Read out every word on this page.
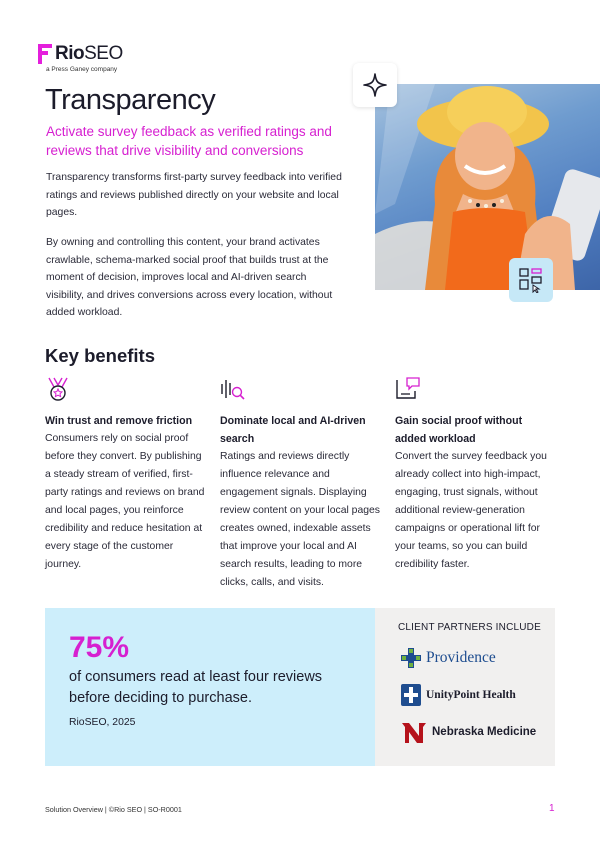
RioSEO
a Press Ganey company
Transparency
Activate survey feedback as verified ratings and reviews that drive visibility and conversions

Transparency transforms first-party survey feedback into verified ratings and reviews published directly on your website and local pages.

By owning and controlling this content, your brand activates crawlable, schema-marked social proof that builds trust at the moment of decision, improves local and AI-driven search visibility, and drives conversions across every location, without added workload.

Key benefits
Win trust and remove friction

Consumers rely on social proof before they convert. By publishing a steady stream of verified, first-party ratings and reviews on brand and local pages, you reinforce credibility and reduce hesitation at every stage of the customer journey.

Dominate local and AI-driven search

Ratings and reviews directly influence relevance and engagement signals. Displaying review content on your local pages creates owned, indexable assets that improve your local and AI search results, leading to more clicks, calls, and visits.

Gain social proof without added workload

Convert the survey feedback you already collect into high-impact, engaging, trust signals, without additional review-generation campaigns or operational lift for your teams, so you can build credibility faster.

75%
of consumers read at least four reviews before deciding to purchase.
RioSEO, 2025
CLIENT PARTNERS INCLUDE
Providence
UnityPoint Health
Nebraska Medicine
Solution Overview | ©Rio SEO | SO-R0001	1
